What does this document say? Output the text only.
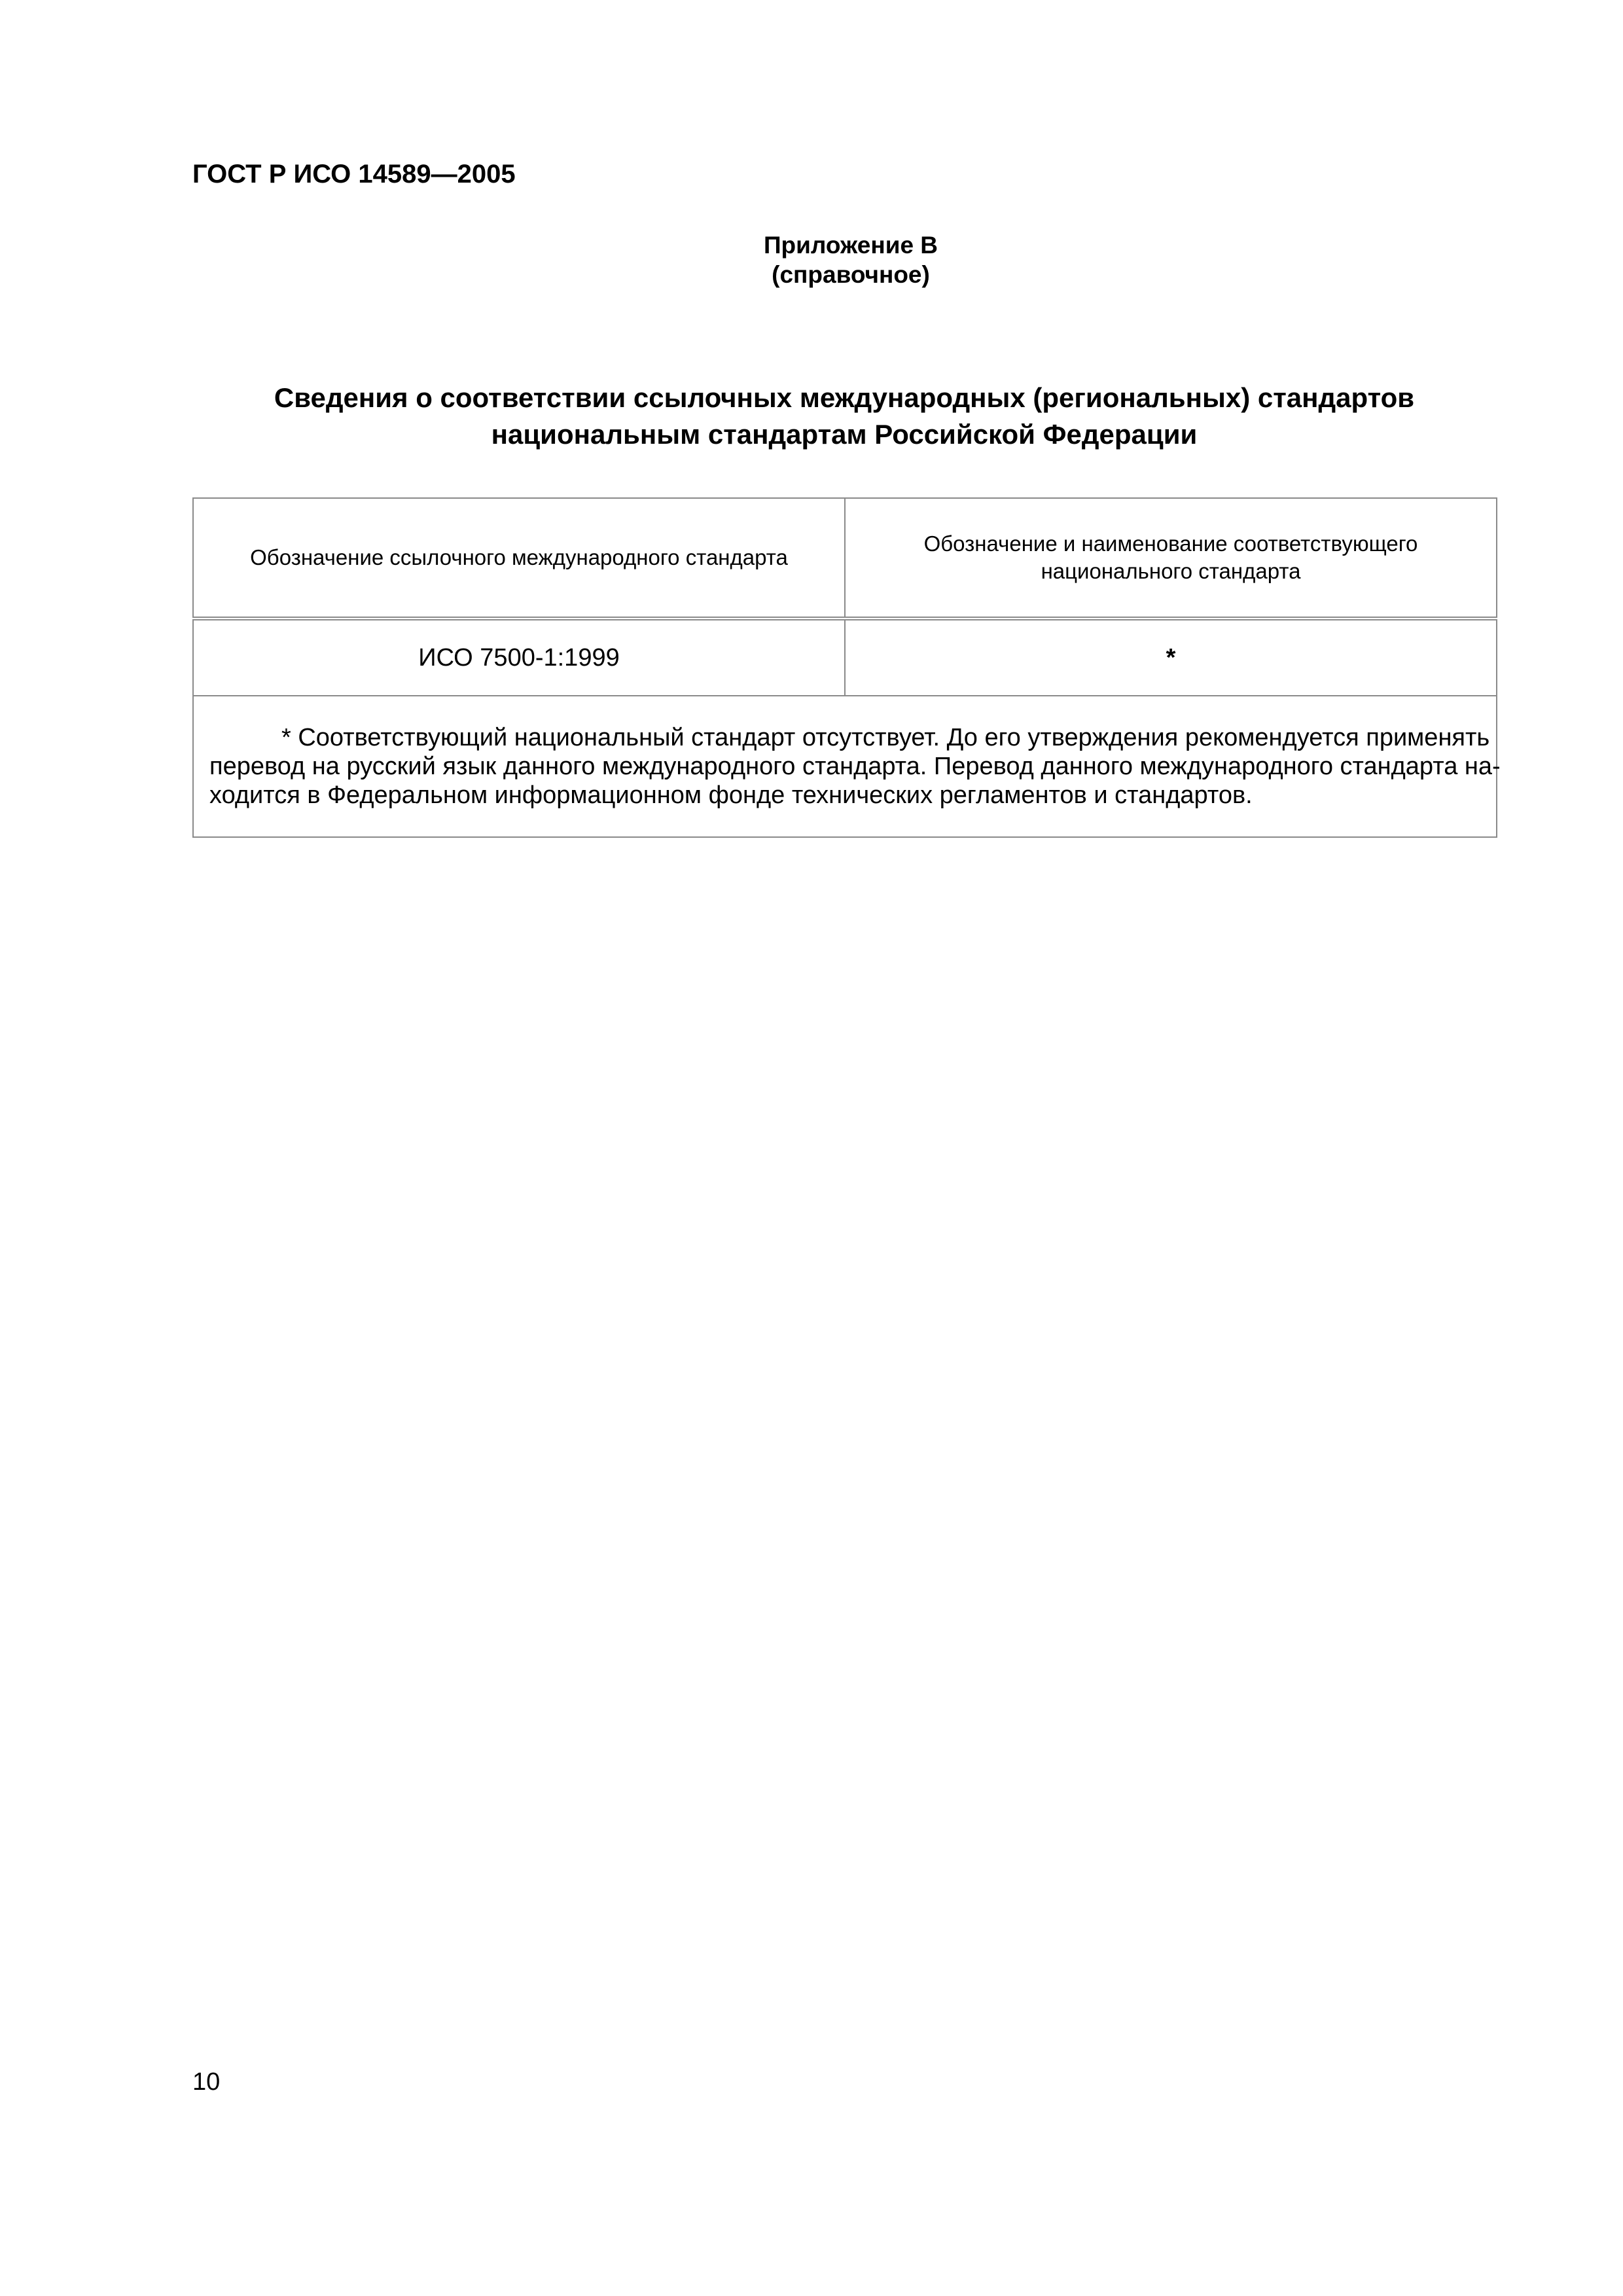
ГОСТ Р ИСО 14589—2005

Приложение В
(справочное)
Сведения о соответствии ссылочных международных (региональных) стандартов
национальным стандартам Российской Федерации
Обозначение ссылочного международного стандарта	Обозначение и наименование соответствующего
национального стандарта

ИСО 7500-1:1999	*

* Соответствующий национальный стандарт отсутствует. До его утверждения рекомендуется применять
перевод на русский язык данного международного стандарта. Перевод данного международного стандарта на-
ходится в Федеральном информационном фонде технических регламентов и стандартов.	

10
